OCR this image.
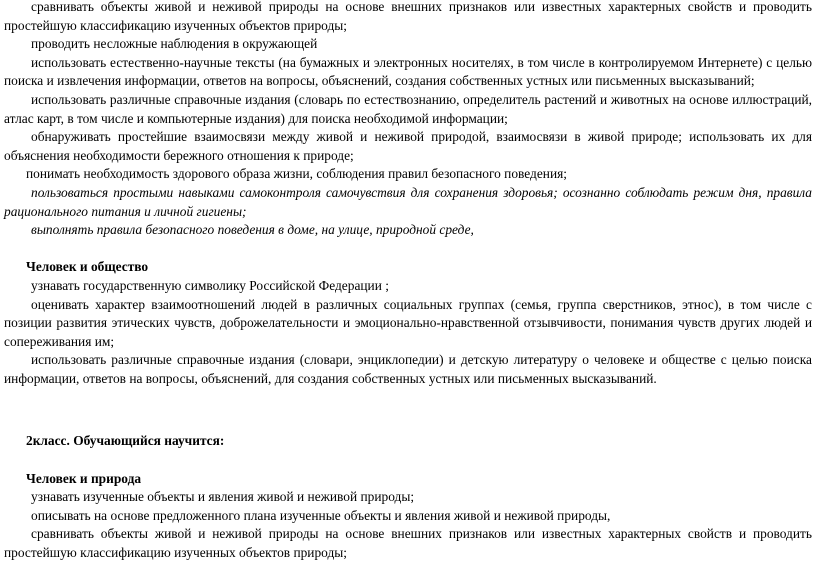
сравнивать объекты живой и неживой природы на основе внешних признаков или известных характерных свойств и проводить простейшую классификацию изученных объектов природы;

проводить несложные наблюдения в окружающей

использовать естественно-научные тексты (на бумажных и электронных носителях, в том числе в контролируемом Интернете) с целью поиска и извлечения информации, ответов на вопросы, объяснений, создания собственных устных или письменных высказываний;

использовать различные справочные издания (словарь по естествознанию, определитель растений и животных на основе иллюстраций, атлас карт, в том числе и компьютерные издания) для поиска необходимой информации;

обнаруживать простейшие взаимосвязи между живой и неживой природой, взаимосвязи в живой природе; использовать их для объяснения необходимости бережного отношения к природе;

понимать необходимость здорового образа жизни, соблюдения правил безопасного поведения;

пользоваться простыми навыками самоконтроля самочувствия для сохранения здоровья; осознанно соблюдать режим дня, правила рационального питания и личной гигиены;

выполнять правила безопасного поведения в доме, на улице, природной среде,

Человек и общество

узнавать государственную символику Российской Федерации ;

оценивать характер взаимоотношений людей в различных социальных группах (семья, группа сверстников, этнос), в том числе с позиции развития этических чувств, доброжелательности и эмоционально-нравственной отзывчивости, понимания чувств других людей и сопереживания им;

использовать различные справочные издания (словари, энциклопедии) и детскую литературу о человеке и обществе с целью поиска информации, ответов на вопросы, объяснений, для создания собственных устных или письменных высказываний.

2класс. Обучающийся научится:

Человек и природа

узнавать изученные объекты и явления живой и неживой природы;

описывать на основе предложенного плана изученные объекты и явления живой и неживой природы,

сравнивать объекты живой и неживой природы на основе внешних признаков или известных характерных свойств и проводить простейшую классификацию изученных объектов природы;
